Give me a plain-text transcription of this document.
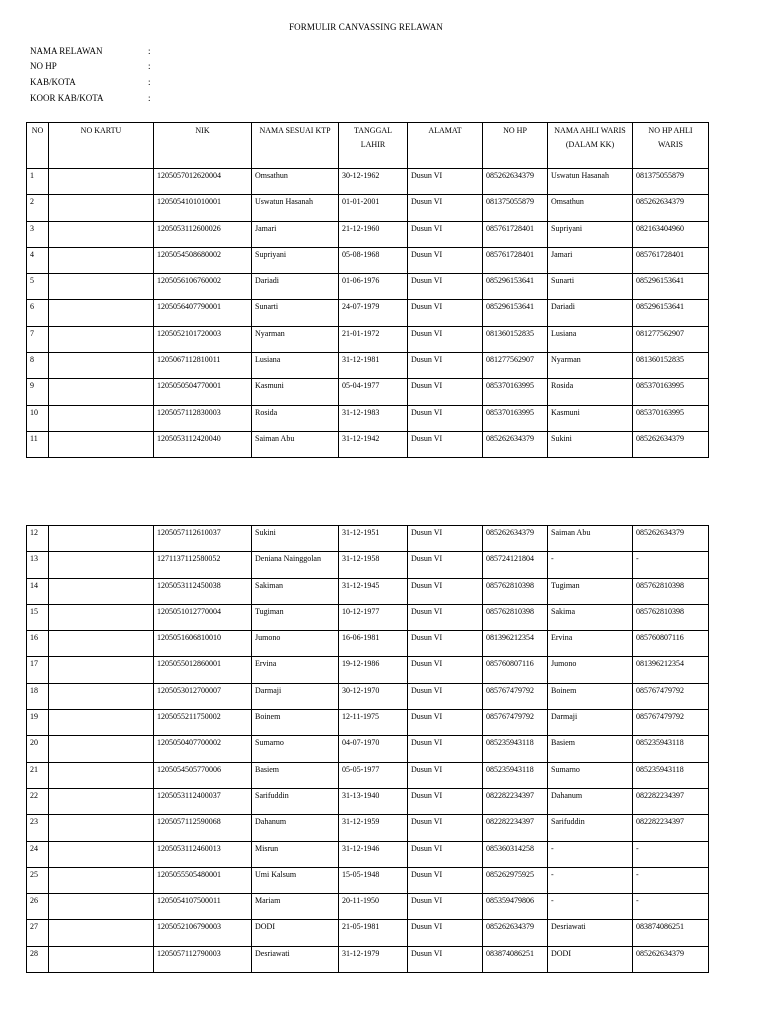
FORMULIR CANVASSING RELAWAN
NAMA RELAWAN	:
NO HP	:
KAB/KOTA	:
KOOR KAB/KOTA	:
NO	NO KARTU	NIK	NAMA SESUAI KTP	TANGGAL LAHIR	ALAMAT	NO HP	NAMA AHLI WARIS (DALAM KK)	NO HP AHLI WARIS
1		1205057012620004	Omsathun	30-12-1962	Dusun VI	085262634379	Uswatun Hasanah	081375055879
2		1205054101010001	Uswatun Hasanah	01-01-2001	Dusun VI	081375055879	Omsathun	085262634379
3		1205053112600026	Jamari	21-12-1960	Dusun VI	085761728401	Supriyani	082163404960
4		1205054508680002	Supriyani	05-08-1968	Dusun VI	085761728401	Jamari	085761728401
5		1205056106760002	Dariadi	01-06-1976	Dusun VI	085296153641	Sunarti	085296153641
6		1205056407790001	Sunarti	24-07-1979	Dusun VI	085296153641	Dariadi	085296153641
7		1205052101720003	Nyarman	21-01-1972	Dusun VI	081360152835	Lusiana	081277562907
8		1205067112810011	Lusiana	31-12-1981	Dusun VI	081277562907	Nyarman	081360152835
9		1205050504770001	Kasmuni	05-04-1977	Dusun VI	085370163995	Rosida	085370163995
10		1205057112830003	Rosida	31-12-1983	Dusun VI	085370163995	Kasmuni	085370163995
11		1205053112420040	Saiman Abu	31-12-1942	Dusun VI	085262634379	Sukini	085262634379
12		1205057112610037	Sukini	31-12-1951	Dusun VI	085262634379	Saiman Abu	085262634379
13		1271137112580052	Deniana Nainggolan	31-12-1958	Dusun VI	085724121804	-	-
14		1205053112450038	Sakiman	31-12-1945	Dusun VI	085762810398	Tugiman	085762810398
15		1205051012770004	Tugiman	10-12-1977	Dusun VI	085762810398	Sakima	085762810398
16		1205051606810010	Jumono	16-06-1981	Dusun VI	081396212354	Ervina	085760807116
17		1205055012860001	Ervina	19-12-1986	Dusun VI	085760807116	Jumono	081396212354
18		1205053012700007	Darmaji	30-12-1970	Dusun VI	085767479792	Boinem	085767479792
19		1205055211750002	Boinem	12-11-1975	Dusun VI	085767479792	Darmaji	085767479792
20		1205050407700002	Sumarno	04-07-1970	Dusun VI	085235943118	Basiem	085235943118
21		1205054505770006	Basiem	05-05-1977	Dusun VI	085235943118	Sumarno	085235943118
22		1205053112400037	Sarifuddin	31-13-1940	Dusun VI	082282234397	Dahanum	082282234397
23		1205057112590068	Dahanum	31-12-1959	Dusun VI	082282234397	Sarifuddin	082282234397
24		1205053112460013	Misrun	31-12-1946	Dusun VI	085360314258	-	-
25		1205055505480001	Umi Kalsum	15-05-1948	Dusun VI	085262975925	-	-
26		1205054107500011	Mariam	20-11-1950	Dusun VI	085359479806	-	-
27		1205052106790003	DODI	21-05-1981	Dusun VI	085262634379	Desriawati	083874086251
28		1205057112790003	Desriawati	31-12-1979	Dusun VI	083874086251	DODI	085262634379
